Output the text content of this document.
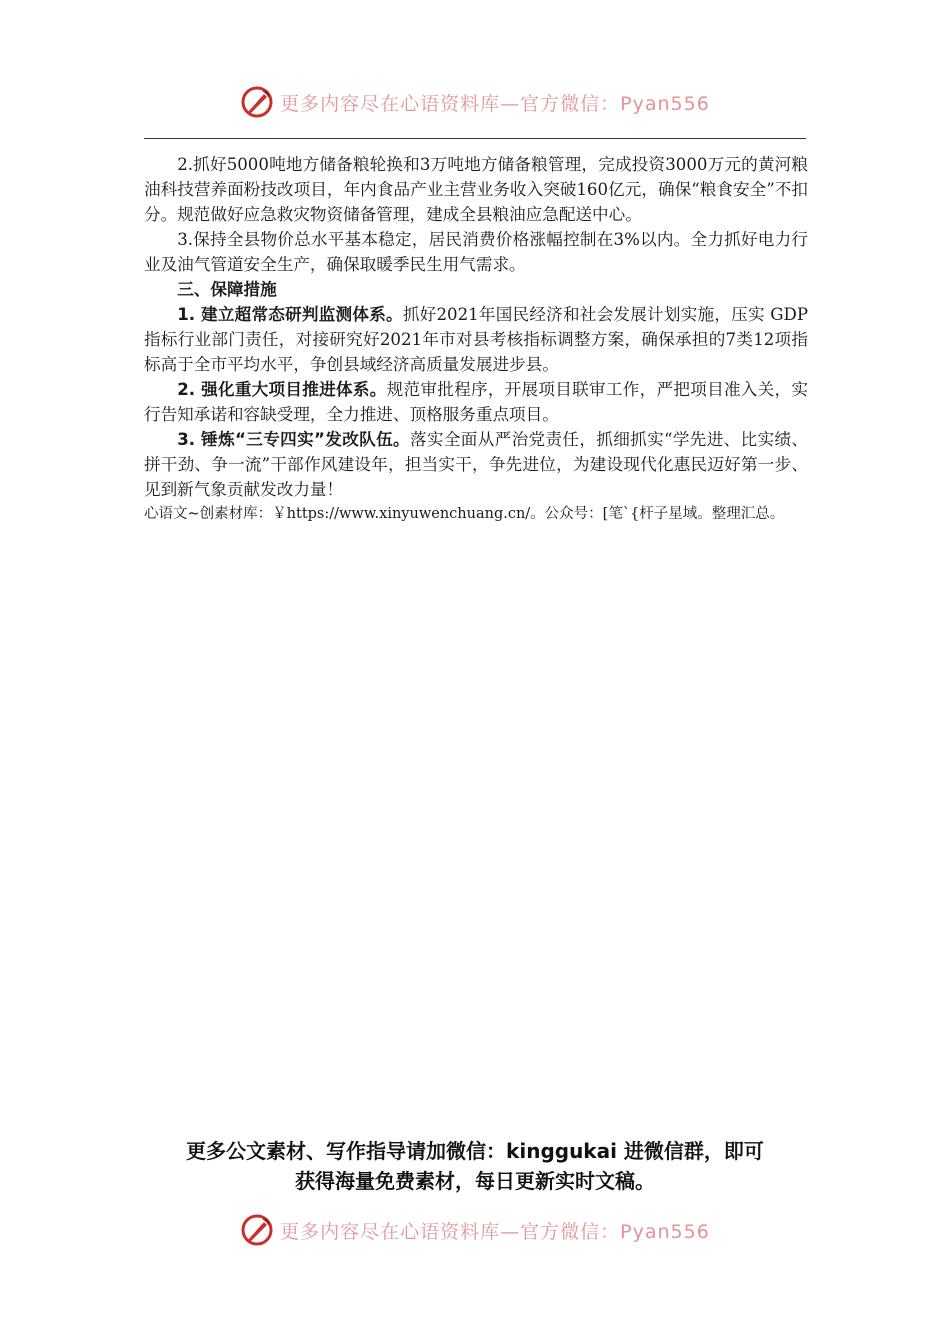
更多内容尽在心语资料库—官方微信：Pyan556

2.抓好5000吨地方储备粮轮换和3万吨地方储备粮管理，完成投资3000万元的黄河粮油科技营养面粉技改项目，年内食品产业主营业务收入突破160亿元，确保“粮食安全”不扣分。规范做好应急救灾物资储备管理，建成全县粮油应急配送中心。

3.保持全县物价总水平基本稳定，居民消费价格涨幅控制在3%以内。全力抓好电力行业及油气管道安全生产，确保取暖季民生用气需求。

三、保障措施

1. 建立超常态研判监测体系。抓好2021年国民经济和社会发展计划实施，压实 GDP指标行业部门责任，对接研究好2021年市对县考核指标调整方案，确保承担的7类12项指标高于全市平均水平，争创县域经济高质量发展进步县。

2. 强化重大项目推进体系。规范审批程序，开展项目联审工作，严把项目准入关，实行告知承诺和容缺受理，全力推进、顶格服务重点项目。

3. 锤炼“三专四实”发改队伍。落实全面从严治党责任，抓细抓实“学先进、比实绩、拼干劲、争一流”干部作风建设年，担当实干，争先进位，为建设现代化惠民迈好第一步、见到新气象贡献发改力量！

心语文~创素材库：￥https://www.xinyuwenchuang.cn/。公众号：[笔`{杆子星域。整理汇总。

更多公文素材、写作指导请加微信：kinggukai 进微信群，即可
获得海量免费素材，每日更新实时文稿。
更多内容尽在心语资料库—官方微信：Pyan556
